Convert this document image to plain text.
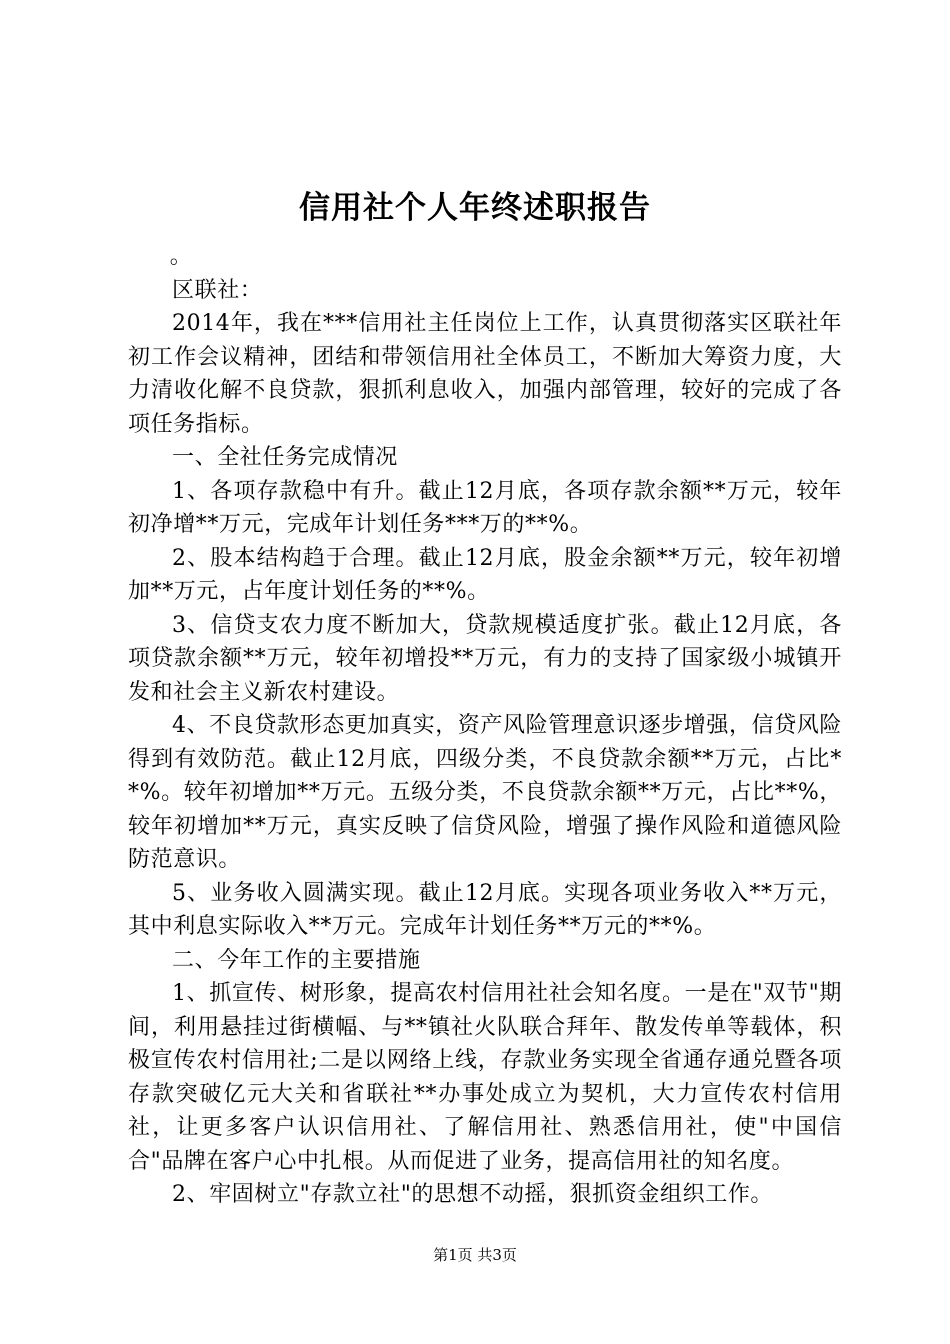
信用社个人年终述职报告

。

区联社：

2014年，我在***信用社主任岗位上工作，认真贯彻落实区联社年初工作会议精神，团结和带领信用社全体员工，不断加大筹资力度，大力清收化解不良贷款，狠抓利息收入，加强内部管理，较好的完成了各项任务指标。

一、全社任务完成情况

1、各项存款稳中有升。截止12月底，各项存款余额**万元，较年初净增**万元，完成年计划任务***万的**%。

2、股本结构趋于合理。截止12月底，股金余额**万元，较年初增加**万元，占年度计划任务的**%。

3、信贷支农力度不断加大，贷款规模适度扩张。截止12月底，各项贷款余额**万元，较年初增投**万元，有力的支持了国家级小城镇开发和社会主义新农村建设。

4、不良贷款形态更加真实，资产风险管理意识逐步增强，信贷风险得到有效防范。截止12月底，四级分类，不良贷款余额**万元，占比**%。较年初增加**万元。五级分类，不良贷款余额**万元，占比**%，较年初增加**万元，真实反映了信贷风险，增强了操作风险和道德风险防范意识。

5、业务收入圆满实现。截止12月底。实现各项业务收入**万元，其中利息实际收入**万元。完成年计划任务**万元的**%。

二、今年工作的主要措施

1、抓宣传、树形象，提高农村信用社社会知名度。一是在"双节"期间，利用悬挂过街横幅、与**镇社火队联合拜年、散发传单等载体，积极宣传农村信用社;二是以网络上线，存款业务实现全省通存通兑暨各项存款突破亿元大关和省联社**办事处成立为契机，大力宣传农村信用社，让更多客户认识信用社、了解信用社、熟悉信用社，使"中国信合"品牌在客户心中扎根。从而促进了业务，提高信用社的知名度。

2、牢固树立"存款立社"的思想不动摇，狠抓资金组织工作。

第1页 共3页
